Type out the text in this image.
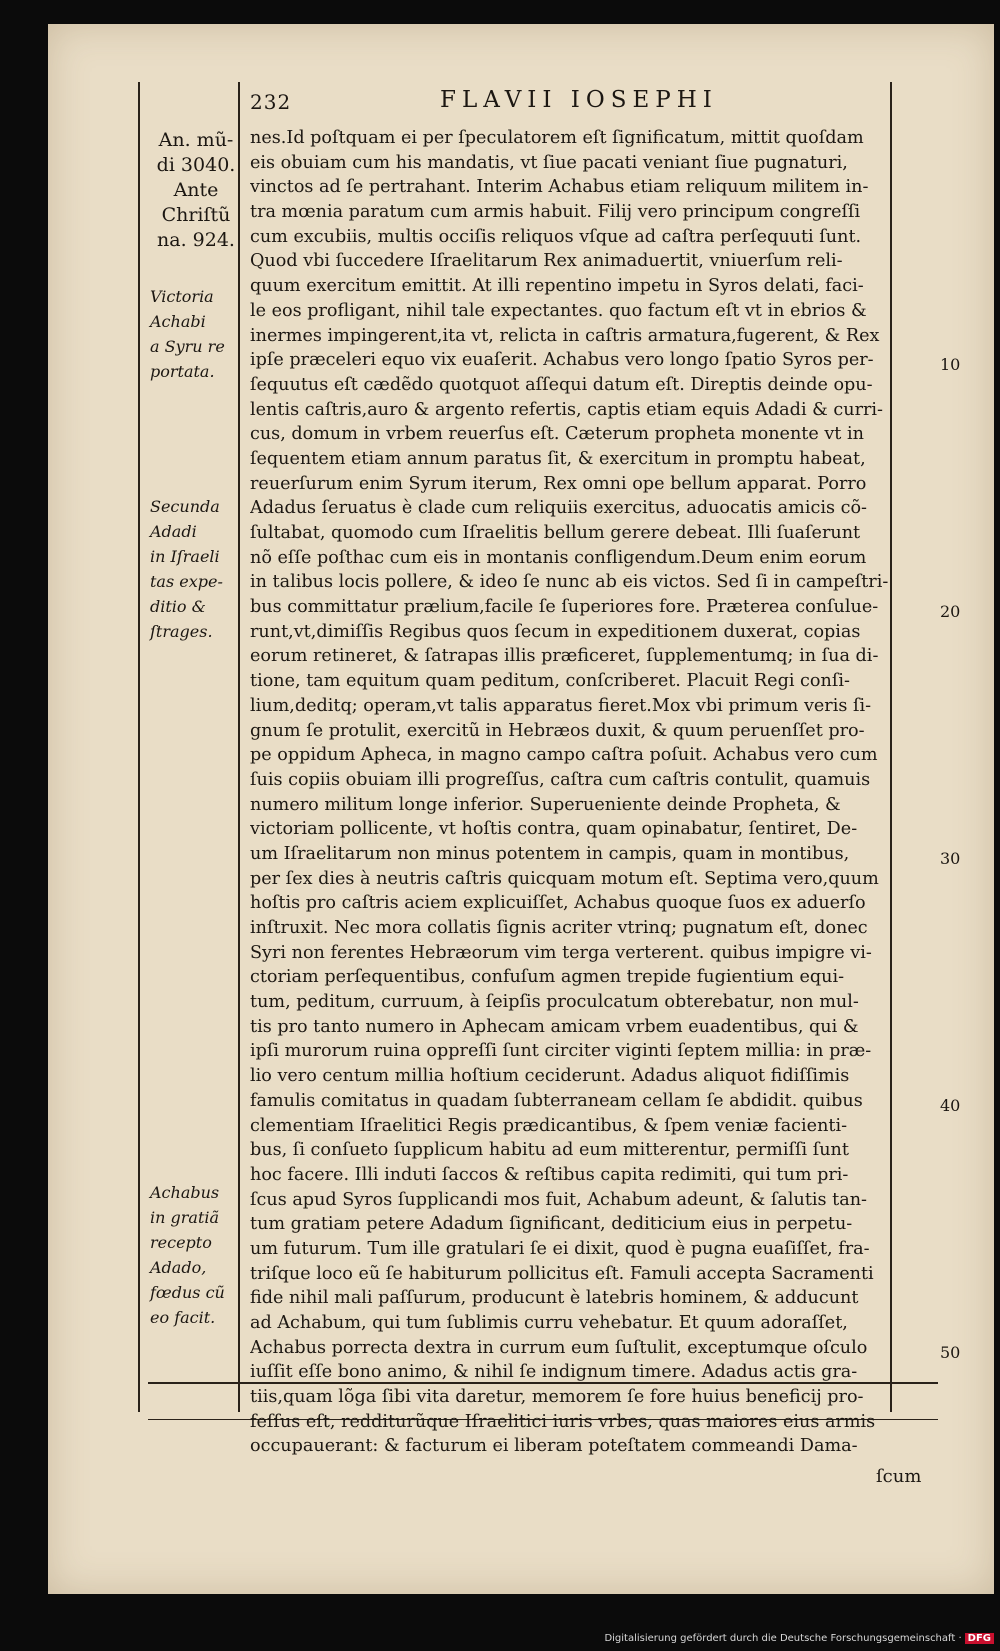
232	FLAVII IOSEPHI
An. mũ-
di 3040.
Ante
Chriſtũ
na. 924.
Victoria
Achabi
a Syru re
portata.
Secunda
Adadi
in Iſraeli
tas expe-
ditio &
ſtrages.
Achabus
in gratiã
recepto
Adado,
fœdus cũ
eo facit.
nes.Id poſtquam ei per ſpeculatorem eſt ſignificatum, mittit quoſdam
eis obuiam cum his mandatis, vt ſiue pacati veniant ſiue pugnaturi,
vinctos ad ſe pertrahant. Interim Achabus etiam reliquum militem in-
tra mœnia paratum cum armis habuit. Filij vero principum congreſſi
cum excubiis, multis occiſis reliquos vſque ad caſtra perſequuti ſunt.
Quod vbi ſuccedere Iſraelitarum Rex animaduertit, vniuerſum reli-
quum exercitum emittit. At illi repentino impetu in Syros delati, faci-
le eos profligant, nihil tale expectantes. quo factum eſt vt in ebrios &
inermes impingerent,ita vt, relicta in caſtris armatura,fugerent, & Rex
ipſe præceleri equo vix euaſerit. Achabus vero longo ſpatio Syros per-
ſequutus eſt cædẽdo quotquot aſſequi datum eſt. Direptis deinde opu-
lentis caſtris,auro & argento refertis, captis etiam equis Adadi & curri-
cus, domum in vrbem reuerſus eſt. Cæterum propheta monente vt in
ſequentem etiam annum paratus ſit, & exercitum in promptu habeat,
reuerſurum enim Syrum iterum, Rex omni ope bellum apparat. Porro
Adadus ſeruatus è clade cum reliquiis exercitus, aduocatis amicis cõ-
ſultabat, quomodo cum Iſraelitis bellum gerere debeat. Illi ſuaſerunt
nõ eſſe poſthac cum eis in montanis confligendum.Deum enim eorum
in talibus locis pollere, & ideo ſe nunc ab eis victos. Sed ſi in campeſtri-
bus committatur prælium,facile ſe ſuperiores fore. Præterea conſulue-
runt,vt,dimiſſis Regibus quos ſecum in expeditionem duxerat, copias
eorum retineret, & ſatrapas illis præficeret, ſupplementumq; in ſua di-
tione, tam equitum quam peditum, conſcriberet. Placuit Regi conſi-
lium,deditq; operam,vt talis apparatus fieret.Mox vbi primum veris ſi-
gnum ſe protulit, exercitũ in Hebræos duxit, & quum peruenſſet pro-
pe oppidum Apheca, in magno campo caſtra poſuit. Achabus vero cum
ſuis copiis obuiam illi progreſſus, caſtra cum caſtris contulit, quamuis
numero militum longe inferior. Superueniente deinde Propheta, &
victoriam pollicente, vt hoſtis contra, quam opinabatur, ſentiret, De-
um Iſraelitarum non minus potentem in campis, quam in montibus,
per ſex dies à neutris caſtris quicquam motum eſt. Septima vero,quum
hoſtis pro caſtris aciem explicuiſſet, Achabus quoque ſuos ex aduerſo
inſtruxit. Nec mora collatis ſignis acriter vtrinq; pugnatum eſt, donec
Syri non ferentes Hebræorum vim terga verterent. quibus impigre vi-
ctoriam perſequentibus, confuſum agmen trepide fugientium equi-
tum, peditum, curruum, à ſeipſis proculcatum obterebatur, non mul-
tis pro tanto numero in Aphecam amicam vrbem euadentibus, qui &
ipſi murorum ruina oppreſſi ſunt circiter viginti ſeptem millia: in præ-
lio vero centum millia hoſtium ceciderunt. Adadus aliquot fidiſſimis
famulis comitatus in quadam ſubterraneam cellam ſe abdidit. quibus
clementiam Iſraelitici Regis prædicantibus, & ſpem veniæ facienti-
bus, ſi conſueto ſupplicum habitu ad eum mitterentur, permiſſi ſunt
hoc facere. Illi induti ſaccos & reſtibus capita redimiti, qui tum pri-
ſcus apud Syros ſupplicandi mos fuit, Achabum adeunt, & ſalutis tan-
tum gratiam petere Adadum ſignificant, dediticium eius in perpetu-
um futurum. Tum ille gratulari ſe ei dixit, quod è pugna euaſiſſet, fra-
triſque loco eũ ſe habiturum pollicitus eſt. Famuli accepta Sacramenti
fide nihil mali paſſurum, producunt è latebris hominem, & adducunt
ad Achabum, qui tum ſublimis curru vehebatur. Et quum adoraſſet,
Achabus porrecta dextra in currum eum ſuſtulit, exceptumque oſculo
iuſſit eſſe bono animo, & nihil ſe indignum timere. Adadus actis gra-
tiis,quam lõga ſibi vita daretur, memorem ſe fore huius beneficij pro-
feſſus eſt, redditurũque Iſraelitici iuris vrbes, quas maiores eius armis
occupauerant: & facturum ei liberam poteſtatem commeandi Dama-
10
20
30
40
50
ſcum
Digitalisierung gefördert durch die Deutsche Forschungsgemeinschaft · DFG
